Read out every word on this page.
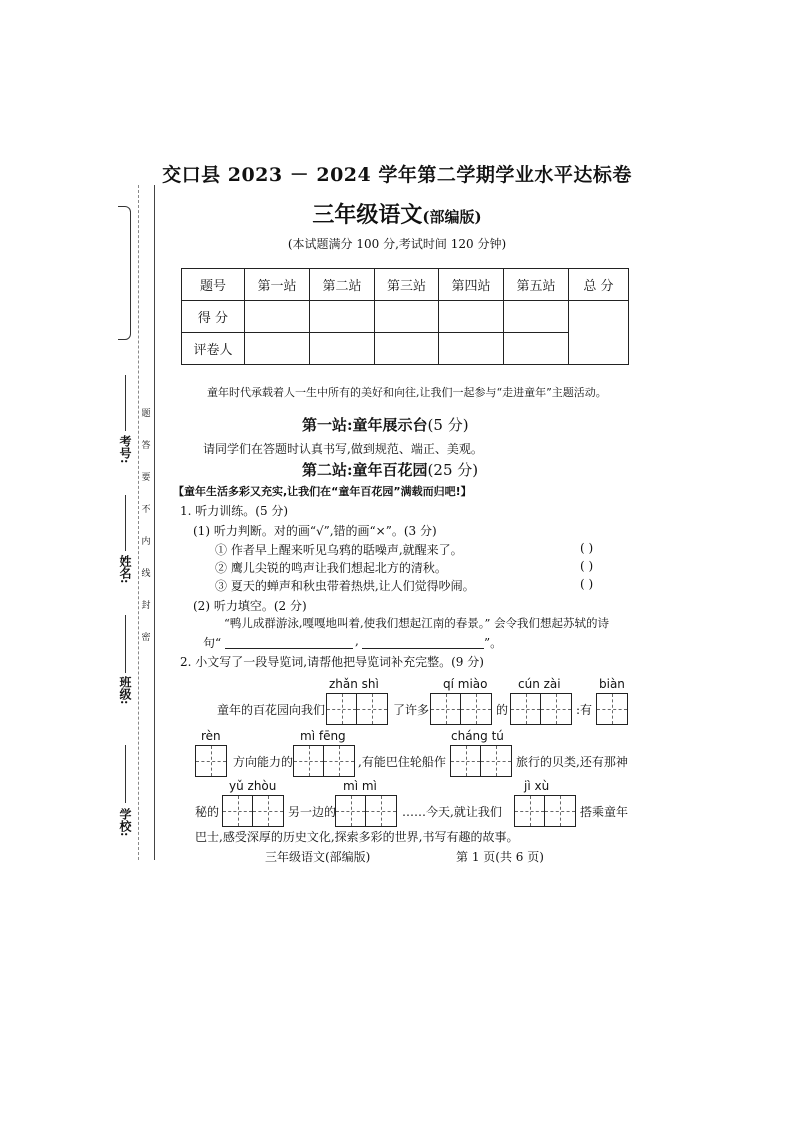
学校:
班级:
姓名:
考号:
密
封
线
内
不
要
答
题
交口县 2023 － 2024 学年第二学期学业水平达标卷
三年级语文(部编版)
(本试题满分 100 分,考试时间 120 分钟)
题号	第一站	第二站	第三站	第四站	第五站	总 分
得 分						
评卷人						
童年时代承载着人一生中所有的美好和向往,让我们一起参与“走进童年”主题活动。
第一站:童年展示台(5 分)
请同学们在答题时认真书写,做到规范、端正、美观。
第二站:童年百花园(25 分)
【童年生活多彩又充实,让我们在“童年百花园”满载而归吧!】
1. 听力训练。(5 分)
(1) 听力判断。对的画“√”,错的画“×”。(3 分)
① 作者早上醒来听见乌鸦的聒噪声,就醒来了。	( )
② 鹰儿尖锐的鸣声让我们想起北方的清秋。	( )
③ 夏天的蝉声和秋虫带着热烘,让人们觉得吵闹。	( )
(2) 听力填空。(2 分)
“鸭儿成群游泳,嘎嘎地叫着,使我们想起江南的春景。” 会令我们想起苏轼的诗
句“	,	”。
2. 小文写了一段导览词,请帮他把导览词补充完整。(9 分)
童年的百花园向我们
zhǎn shì
了许多
qí miào
的
cún zài
:有
biàn
rèn
方向能力的
mì fēng
,有能巴住轮船作
cháng tú
旅行的贝类,还有那神
秘的
yǔ zhòu
另一边的
mì mì
……今天,就让我们
jì xù
搭乘童年
巴士,感受深厚的历史文化,探索多彩的世界,书写有趣的故事。
三年级语文(部编版)	第 1 页(共 6 页)
